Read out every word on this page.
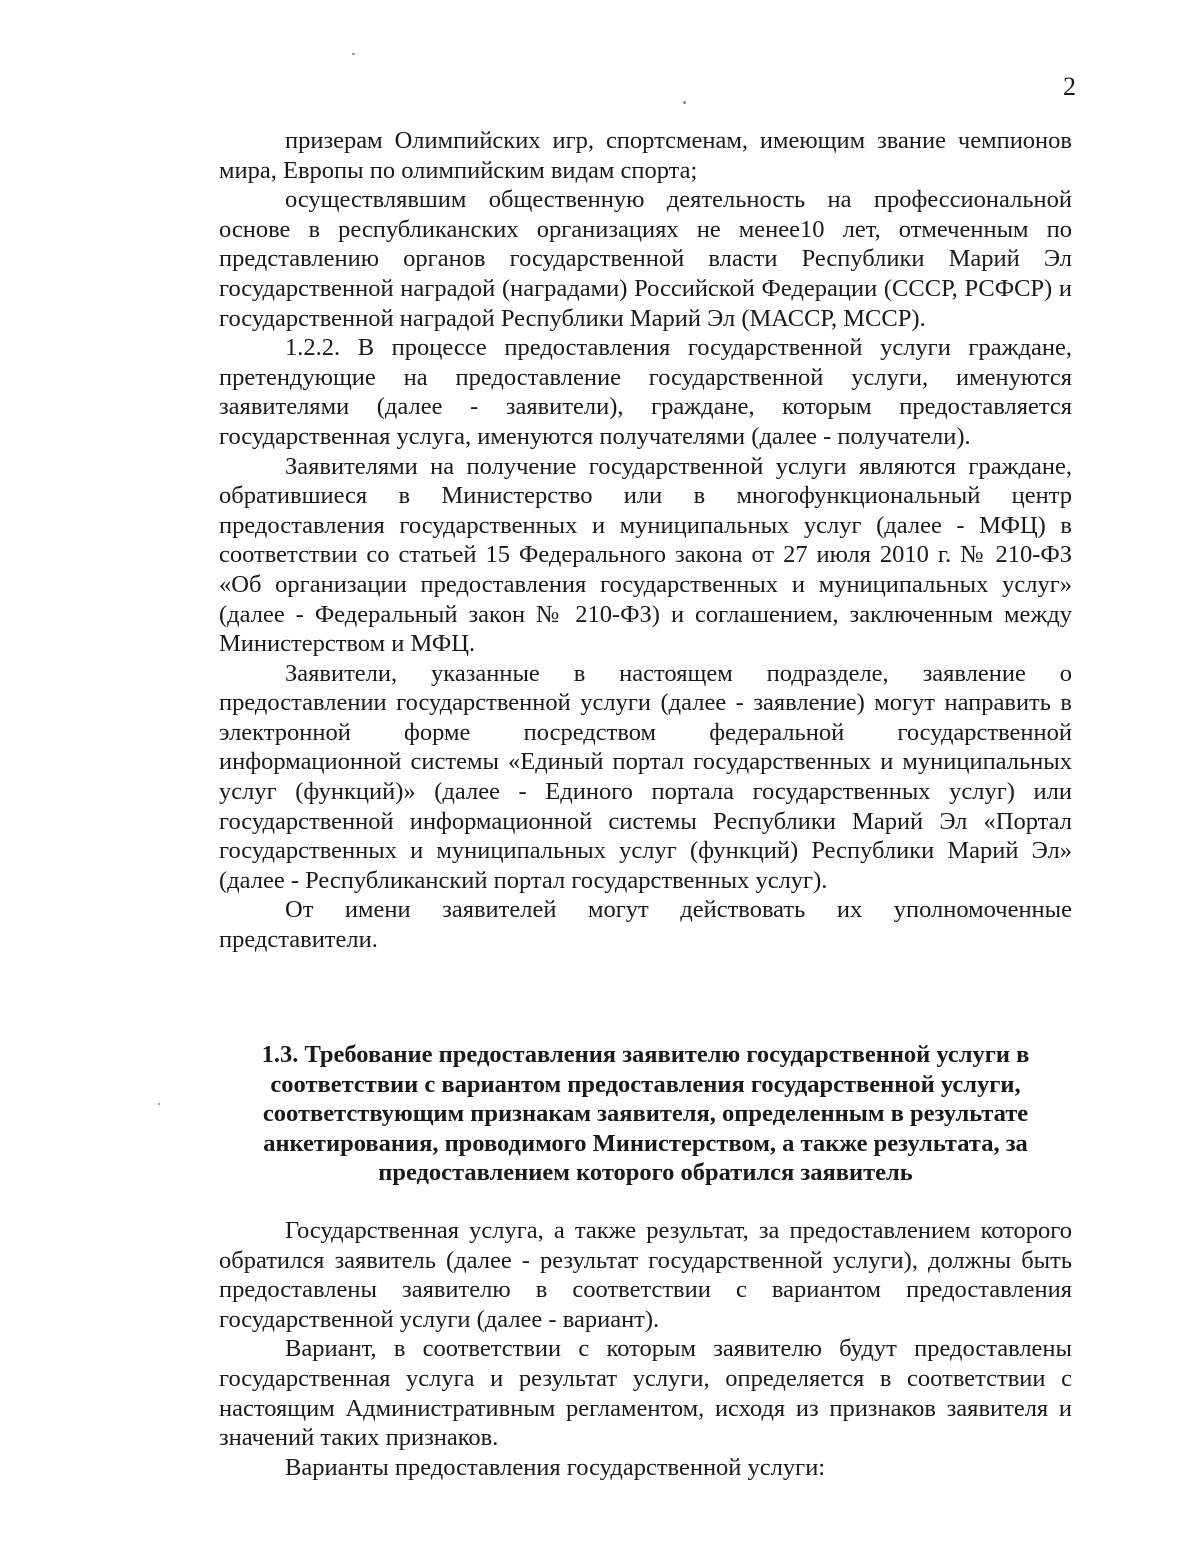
2

призерам Олимпийских игр, спортсменам, имеющим звание чемпионов мира, Европы по олимпийским видам спорта;

осуществлявшим общественную деятельность на профессиональной основе в республиканских организациях не менее10 лет, отмеченным по представлению органов государственной власти Республики Марий Эл государственной наградой (наградами) Российской Федерации (СССР, РСФСР) и государственной наградой Республики Марий Эл (МАССР, МССР).

1.2.2. В процессе предоставления государственной услуги граждане, претендующие на предоставление государственной услуги, именуются заявителями (далее - заявители), граждане, которым предоставляется государственная услуга, именуются получателями (далее - получатели).

Заявителями на получение государственной услуги являются граждане, обратившиеся в Министерство или в многофункциональный центр предоставления государственных и муниципальных услуг (далее - МФЦ) в соответствии со статьей 15 Федерального закона от 27 июля 2010 г. № 210-ФЗ «Об организации предоставления государственных и муниципальных услуг» (далее - Федеральный закон № 210-ФЗ) и соглашением, заключенным между Министерством и МФЦ.

Заявители, указанные в настоящем подразделе, заявление о предоставлении государственной услуги (далее - заявление) могут направить в электронной форме посредством федеральной государственной информационной системы «Единый портал государственных и муниципальных услуг (функций)» (далее - Единого портала государственных услуг) или государственной информационной системы Республики Марий Эл «Портал государственных и муниципальных услуг (функций) Республики Марий Эл» (далее - Республиканский портал государственных услуг).

От имени заявителей могут действовать их уполномоченные представители.

1.3. Требование предоставления заявителю государственной услуги в соответствии с вариантом предоставления государственной услуги, соответствующим признакам заявителя, определенным в результате анкетирования, проводимого Министерством, а также результата, за предоставлением которого обратился заявитель

Государственная услуга, а также результат, за предоставлением которого обратился заявитель (далее - результат государственной услуги), должны быть предоставлены заявителю в соответствии с вариантом предоставления государственной услуги (далее - вариант).

Вариант, в соответствии с которым заявителю будут предоставлены государственная услуга и результат услуги, определяется в соответствии с настоящим Административным регламентом, исходя из признаков заявителя и значений таких признаков.

Варианты предоставления государственной услуги:
